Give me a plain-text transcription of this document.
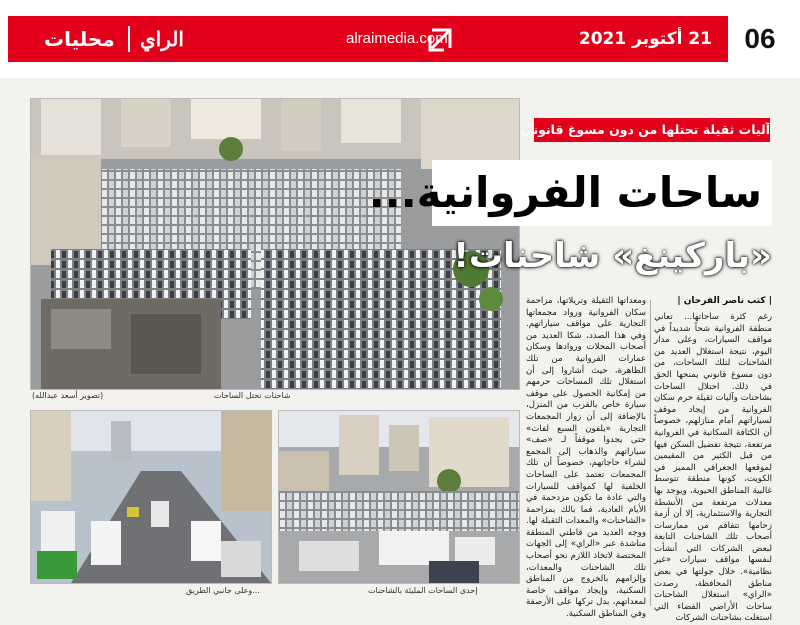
06
21 أكتوبر 2021
alraimedia.com
الراي
محليات
شاحنات تحتل الساحات
(تصوير أسعد عبدالله)
...وعلى جانبي الطريق	إحدى الساحات المليئة بالشاحنات
آليات ثقيلة تحتلها من دون مسوغ قانوني
ساحات الفروانية...
«باركينغ» شاحنات!
| كتب ناصر الفرحان |

رغم كثرة ساحاتها... تعاني منطقة الفروانية شحاً شديداً في مواقف السيارات، وعلى مدار اليوم، نتيجة استغلال العديد من الشاحنات لتلك الساحات، من دون مسوغ قانوني يمنحها الحق في ذلك. احتلال الساحات بشاحنات وآليات ثقيلة حرم سكان الفروانية من إيجاد موقف لسياراتهم أمام منازلهم، خصوصاً أن الكثافة السكانية في الفروانية مرتفعة، نتيجة تفضيل السكن فيها من قبل الكثير من المقيمين لموقعها الجغرافي المميز في الكويت، كونها منطقة تتوسط غالبية المناطق الحيوية، ويوجد بها معدلات مرتفعة من الأنشطة التجارية والاستثمارية، إلا أن أزمة زحامها تتفاقم من ممارسات أصحاب تلك الشاحنات التابعة لبعض الشركات التي أنشأت لنفسها مواقف سيارات «غير نظامية». خلال جولتها في بعض مناطق المحافظة، رصدت «الراي» استغلال الشاحنات ساحات الأراضي الفضاء التي استغلت بشاحنات الشركات

ومعداتها الثقيلة وتريلاتها، مزاحمة سكان الفروانية ورواد مجمعاتها التجارية على مواقف سياراتهم. وفي هذا الصدد، شكا العديد من أصحاب المحلات وروادها وسكان عمارات الفروانية من تلك الظاهرة، حيث أشاروا إلى أن استغلال تلك المساحات حرمهم من إمكانية الحصول على موقف سيارة خاص بالقرب من المنزل، بالإضافة إلى أن زوار المجمعات التجارية «يلفون السبع لفات» حتى يجدوا موقفاً لـ «صف» سياراتهم والذهاب إلى المجمع لشراء حاجاتهم، خصوصاً أن تلك المجمعات تعتمد على الساحات الخلفية لها كمواقف للسيارات والتي عادة ما تكون مزدحمة في الأيام العادية، فما بالك بمزاحمة «الشاحنات» والمعدات الثقيلة لها. ووجه العديد من قاطني المنطقة مناشدة عبر «الراي» إلى الجهات المختصة لاتخاذ اللازم نحو أصحاب تلك الشاحنات والمعدات، وإلزامهم بالخروج من المناطق السكنية، وإيجاد مواقف خاصة لمعداتهم، بدل تركها على الأرصفة وفي المناطق السكنية.
